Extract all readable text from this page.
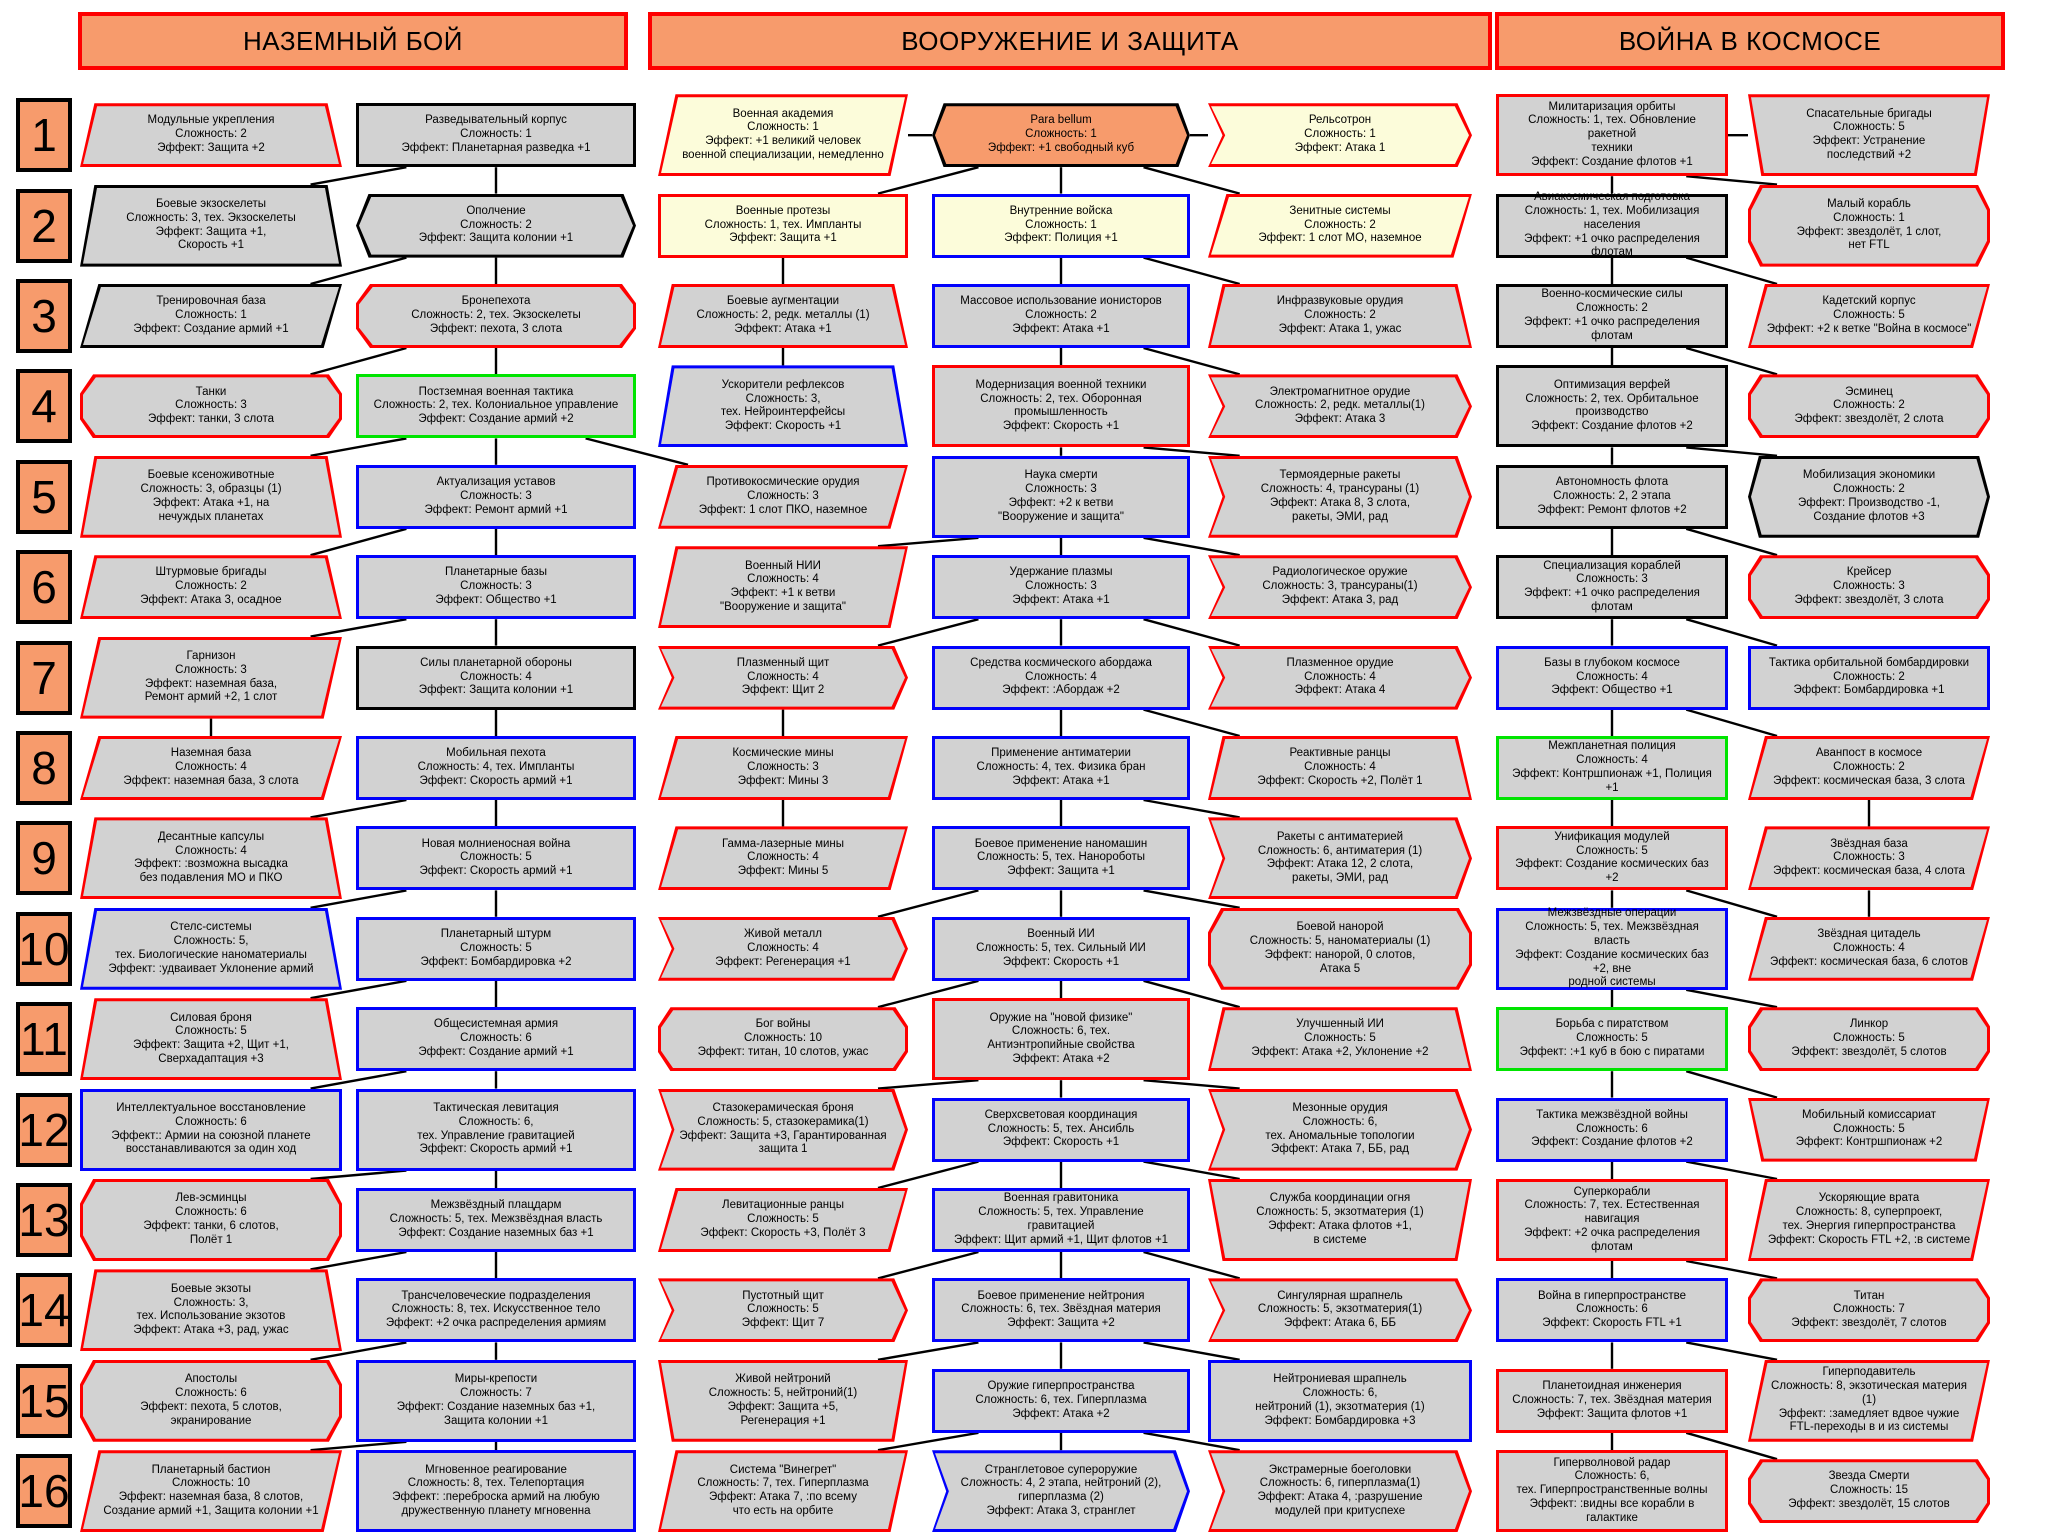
НАЗЕМНЫЙ БОЙ	ВООРУЖЕНИЕ И ЗАЩИТА	ВОЙНА В КОСМОСЕ
1	Модульные укрепления
Сложность: 2
Эффект: Защита +2
Разведывательный корпус
Сложность: 1
Эффект: Планетарная разведка +1
Военная академия
Сложность: 1
Эффект: +1 великий человек
военной специализации, немедленно
Para bellum
Сложность: 1
Эффект: +1 свободный куб
Рельсотрон
Сложность: 1
Эффект: Атака 1
Милитаризация орбиты
Сложность: 1, тех. Обновление ракетной
техники
Эффект: Создание флотов +1
Спасательные бригады
Сложность: 5
Эффект: Устранение
последствий +2
2	Боевые экзоскелеты
Сложность: 3, тех. Экзоскелеты
Эффект: Защита +1,
Скорость +1
Ополчение
Сложность: 2
Эффект: Защита колонии +1
Военные протезы
Сложность: 1, тех. Импланты
Эффект: Защита +1
Внутренние войска
Сложность: 1
Эффект: Полиция +1
Зенитные системы
Сложность: 2
Эффект: 1 слот МО, наземное
Авиакосмическая подготовка
Сложность: 1, тех. Мобилизация населения
Эффект: +1 очко распределения флотам
Малый корабль
Сложность: 1
Эффект: звездолёт, 1 слот,
нет FTL
3	Тренировочная база
Сложность: 1
Эффект: Создание армий +1
Бронепехота
Сложность: 2, тех. Экзоскелеты
Эффект: пехота, 3 слота
Боевые аугментации
Сложность: 2, редк. металлы (1)
Эффект: Атака +1
Массовое использование ионисторов
Сложность: 2
Эффект: Атака +1
Инфразвуковые орудия
Сложность: 2
Эффект: Атака 1, ужас
Военно-космические силы
Сложность: 2
Эффект: +1 очко распределения флотам
Кадетский корпус
Сложность: 5
Эффект: +2 к ветке "Война в космосе"
4	Танки
Сложность: 3
Эффект: танки, 3 слота
Постземная военная тактика
Сложность: 2, тех. Колониальное управление
Эффект: Создание армий +2
Ускорители рефлексов
Сложность: 3,
тех. Нейроинтерфейсы
Эффект: Скорость +1
Модернизация военной техники
Сложность: 2, тех. Оборонная
промышленность
Эффект: Скорость +1
Электромагнитное орудие
Сложность: 2, редк. металлы(1)
Эффект: Атака 3
Оптимизация верфей
Сложность: 2, тех. Орбитальное
производство
Эффект: Создание флотов +2
Эсминец
Сложность: 2
Эффект: звездолёт, 2 слота
5	Боевые ксеноживотные
Сложность: 3, образцы (1)
Эффект: Атака +1, на
нечуждых планетах
Актуализация уставов
Сложность: 3
Эффект: Ремонт армий +1
Противокосмические орудия
Сложность: 3
Эффект: 1 слот ПКО, наземное
Наука смерти
Сложность: 3
Эффект: +2 к ветви
"Вооружение и защита"
Термоядерные ракеты
Сложность: 4, трансураны (1)
Эффект: Атака 8, 3 слота,
ракеты, ЭМИ, рад
Автономность флота
Сложность: 2, 2 этапа
Эффект: Ремонт флотов +2
Мобилизация экономики
Сложность: 2
Эффект: Производство -1,
Создание флотов +3
6	Штурмовые бригады
Сложность: 2
Эффект: Атака 3, осадное
Планетарные базы
Сложность: 3
Эффект: Общество +1
Военный НИИ
Сложность: 4
Эффект: +1 к ветви
"Вооружение и защита"
Удержание плазмы
Сложность: 3
Эффект: Атака +1
Радиологическое оружие
Сложность: 3, трансураны(1)
Эффект: Атака 3, рад
Специализация кораблей
Сложность: 3
Эффект: +1 очко распределения флотам
Крейсер
Сложность: 3
Эффект: звездолёт, 3 слота
7	Гарнизон
Сложность: 3
Эффект: наземная база,
Ремонт армий +2, 1 слот
Силы планетарной обороны
Сложность: 4
Эффект: Защита колонии +1
Плазменный щит
Сложность: 4
Эффект: Щит 2
Средства космического абордажа
Сложность: 4
Эффект: :Абордаж +2
Плазменное орудие
Сложность: 4
Эффект: Атака 4
Базы в глубоком космосе
Сложность: 4
Эффект: Общество +1
Тактика орбитальной бомбардировки
Сложность: 2
Эффект: Бомбардировка +1
8	Наземная база
Сложность: 4
Эффект: наземная база, 3 слота
Мобильная пехота
Сложность: 4, тех. Импланты
Эффект: Скорость армий +1
Космические мины
Сложность: 3
Эффект: Мины 3
Применение антиматерии
Сложность: 4, тех. Физика бран
Эффект: Атака +1
Реактивные ранцы
Сложность: 4
Эффект: Скорость +2, Полёт 1
Межпланетная полиция
Сложность: 4
Эффект: Контршпионаж +1, Полиция +1
Аванпост в космосе
Сложность: 2
Эффект: космическая база, 3 слота
9	Десантные капсулы
Сложность: 4
Эффект: :возможна высадка
без подавления МО и ПКО
Новая молниеносная война
Сложность: 5
Эффект: Скорость армий +1
Гамма-лазерные мины
Сложность: 4
Эффект: Мины 5
Боевое применение наномашин
Сложность: 5, тех. Нанороботы
Эффект: Защита +1
Ракеты с антиматерией
Сложность: 6, антиматерия (1)
Эффект: Атака 12, 2 слота,
ракеты, ЭМИ, рад
Унификация модулей
Сложность: 5
Эффект: Создание космических баз +2
Звёздная база
Сложность: 3
Эффект: космическая база, 4 слота
10	Стелс-системы
Сложность: 5,
тех. Биологические наноматериалы
Эффект: :удваивает Уклонение армий
Планетарный штурм
Сложность: 5
Эффект: Бомбардировка +2
Живой металл
Сложность: 4
Эффект: Регенерация +1
Военный ИИ
Сложность: 5, тех. Сильный ИИ
Эффект: Скорость +1
Боевой нанорой
Сложность: 5, наноматериалы (1)
Эффект: нанорой, 0 слотов,
Атака 5
Межзвёздные операции
Сложность: 5, тех. Межзвёздная власть
Эффект: Создание космических баз +2, вне
родной системы
Звёздная цитадель
Сложность: 4
Эффект: космическая база, 6 слотов
11	Силовая броня
Сложность: 5
Эффект: Защита +2, Щит +1,
Сверхадаптация +3
Общесистемная армия
Сложность: 6
Эффект: Создание армий +1
Бог войны
Сложность: 10
Эффект: титан, 10 слотов, ужас
Оружие на "новой физике"
Сложность: 6, тех.
Антиэнтропийные свойства
Эффект: Атака +2
Улучшенный ИИ
Сложность: 5
Эффект: Атака +2, Уклонение +2
Борьба с пиратством
Сложность: 5
Эффект: :+1 куб в бою с пиратами
Линкор
Сложность: 5
Эффект: звездолёт, 5 слотов
12	Интеллектуальное восстановление
Сложность: 6
Эффект:: Армии на союзной планете
восстанавливаются за один ход
Тактическая левитация
Сложность: 6,
тех. Управление гравитацией
Эффект: Скорость армий +1
Стазокерамическая броня
Сложность: 5, стазокерамика(1)
Эффект: Защита +3, Гарантированная
защита 1
Сверхсветовая координация
Сложность: 5, тех. Ансибль
Эффект: Скорость +1
Мезонные орудия
Сложность: 6,
тех. Аномальные топологии
Эффект: Атака 7, ББ, рад
Тактика межзвёздной войны
Сложность: 6
Эффект: Создание флотов +2
Мобильный комиссариат
Сложность: 5
Эффект: Контршпионаж +2
13	Лев-эсминцы
Сложность: 6
Эффект: танки, 6 слотов,
Полёт 1
Межзвёздный плацдарм
Сложность: 5, тех. Межзвёздная власть
Эффект: Создание наземных баз +1
Левитационные ранцы
Сложность: 5
Эффект: Скорость +3, Полёт 3
Военная гравитоника
Сложность: 5, тех. Управление гравитацией
Эффект: Щит армий +1, Щит флотов +1
Служба координации огня
Сложность: 5, экзотматерия (1)
Эффект: Атака флотов +1,
в системе
Суперкорабли
Сложность: 7, тех. Естественная
навигация
Эффект: +2 очка распределения флотам
Ускоряющие врата
Сложность: 8, суперпроект,
тех. Энергия гиперпространства
Эффект: Скорость FTL +2, :в системе
14	Боевые экзоты
Сложность: 3,
тех. Использование экзотов
Эффект: Атака +3, рад, ужас
Трансчеловеческие подразделения
Сложность: 8, тех. Искусственное тело
Эффект: +2 очка распределения армиям
Пустотный щит
Сложность: 5
Эффект: Щит 7
Боевое применение нейтрония
Сложность: 6, тех. Звёздная материя
Эффект: Защита +2
Сингулярная шрапнель
Сложность: 5, экзотматерия(1)
Эффект: Атака 6, ББ
Война в гиперпространстве
Сложность: 6
Эффект: Скорость FTL +1
Титан
Сложность: 7
Эффект: звездолёт, 7 слотов
15	Апостолы
Сложность: 6
Эффект: пехота, 5 слотов,
экранирование
Миры-крепости
Сложность: 7
Эффект: Создание наземных баз +1,
Защита колонии +1
Живой нейтроний
Сложность: 5, нейтроний(1)
Эффект: Защита +5,
Регенерация +1
Оружие гиперпространства
Сложность: 6, тех. Гиперплазма
Эффект: Атака +2
Нейтрониевая шрапнель
Сложность: 6,
нейтроний (1), экзотматерия (1)
Эффект: Бомбардировка +3
Планетоидная инженерия
Сложность: 7, тех. Звёздная материя
Эффект: Защита флотов +1
Гиперподавитель
Сложность: 8, экзотическая материя (1)
Эффект: :замедляет вдвое чужие
FTL-переходы в и из системы
16	Планетарный бастион
Сложность: 10
Эффект: наземная база, 8 слотов,
Создание армий +1, Защита колонии +1
Мгновенное реагирование
Сложность: 8, тех. Телепортация
Эффект: :переброска армий на любую
дружественную планету мгновенна
Система "Винегрет"
Сложность: 7, тех. Гиперплазма
Эффект: Атака 7, :по всему
что есть на орбите
Странглетовое супероружие
Сложность: 4, 2 этапа, нейтроний (2),
гиперплазма (2)
Эффект: Атака 3, странглет
Экстрамерные боеголовки
Сложность: 6, гиперплазма(1)
Эффект: Атака 4, :разрушение
модулей при критуспехе
Гиперволновой радар
Сложность: 6,
тех. Гиперпространственные волны
Эффект: :видны все корабли в галактике
Звезда Смерти
Сложность: 15
Эффект: звездолёт, 15 слотов
